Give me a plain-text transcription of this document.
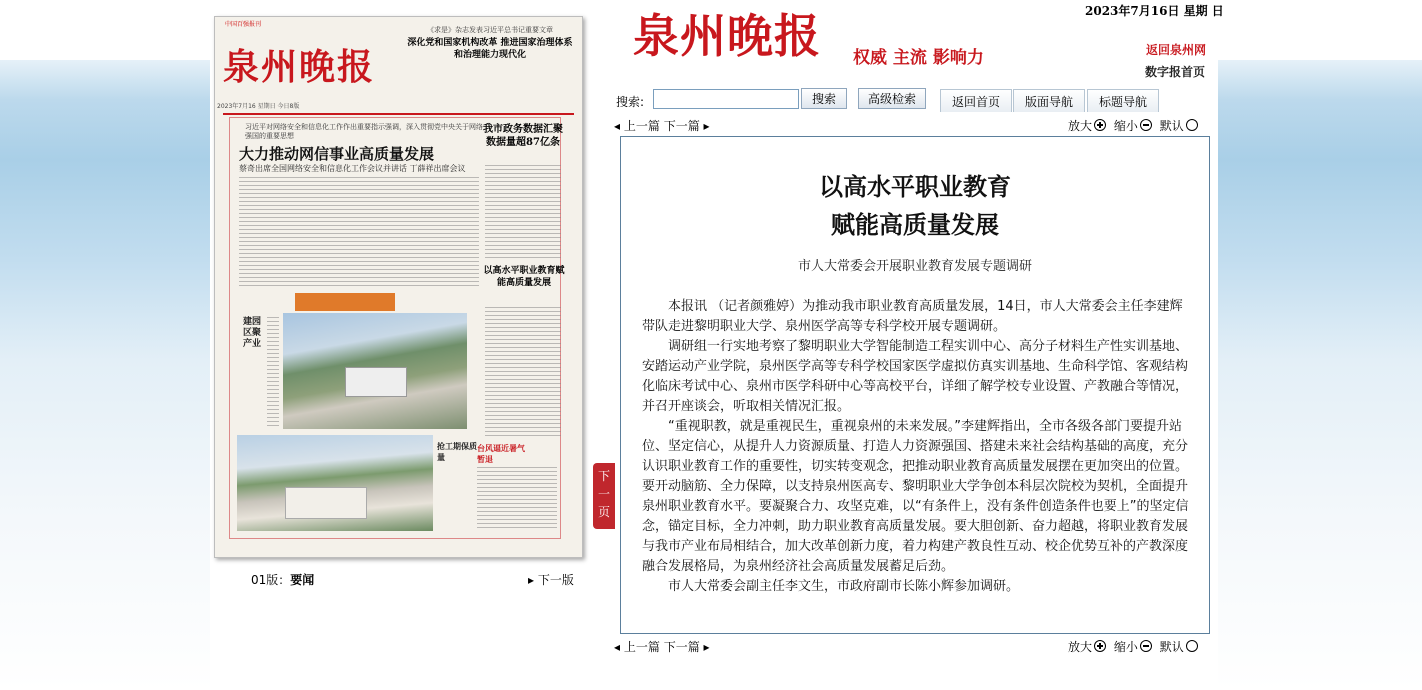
2023年7月16日 星期 日
泉州晚报 权威 主流 影响力	返回泉州网
数字报首页
搜索:	搜索	高级检索	返回首页	版面导航	标题导航
中国百强报刊
泉州晚报
2023年7月16 星期日 今日8版
《求是》杂志发表习近平总书记重要文章
深化党和国家机构改革 推进国家治理体系和治理能力现代化
习近平对网络安全和信息化工作作出重要指示强调，深入贯彻党中央关于网络强国的重要思想
大力推动网信事业高质量发展
蔡奇出席全国网络安全和信息化工作会议并讲话 丁薛祥出席会议
我市政务数据汇聚数据量超87亿条
以高水平职业教育赋能高质量发展
建园区聚产业
抢工期保质量
台风逼近暑气暂退
01版：要闻	▸ 下一版
◂ 上一篇 下一篇 ▸	放大 缩小 默认
下一页
以高水平职业教育
赋能高质量发展
市人大常委会开展职业教育发展专题调研

本报讯 （记者颜雅婷）为推动我市职业教育高质量发展，14日，市人大常委会主任李建辉带队走进黎明职业大学、泉州医学高等专科学校开展专题调研。

调研组一行实地考察了黎明职业大学智能制造工程实训中心、高分子材料生产性实训基地、安踏运动产业学院，泉州医学高等专科学校国家医学虚拟仿真实训基地、生命科学馆、客观结构化临床考试中心、泉州市医学科研中心等高校平台，详细了解学校专业设置、产教融合等情况，并召开座谈会，听取相关情况汇报。

“重视职教，就是重视民生，重视泉州的未来发展。”李建辉指出，全市各级各部门要提升站位、坚定信心，从提升人力资源质量、打造人力资源强国、搭建未来社会结构基础的高度，充分认识职业教育工作的重要性，切实转变观念，把推动职业教育高质量发展摆在更加突出的位置。要开动脑筋、全力保障，以支持泉州医高专、黎明职业大学争创本科层次院校为契机，全面提升泉州职业教育水平。要凝聚合力、攻坚克难，以“有条件上，没有条件创造条件也要上”的坚定信念，锚定目标，全力冲刺，助力职业教育高质量发展。要大胆创新、奋力超越，将职业教育发展与我市产业布局相结合，加大改革创新力度，着力构建产教良性互动、校企优势互补的产教深度融合发展格局，为泉州经济社会高质量发展蓄足后劲。

市人大常委会副主任李文生，市政府副市长陈小辉参加调研。

◂ 上一篇 下一篇 ▸	放大 缩小 默认
